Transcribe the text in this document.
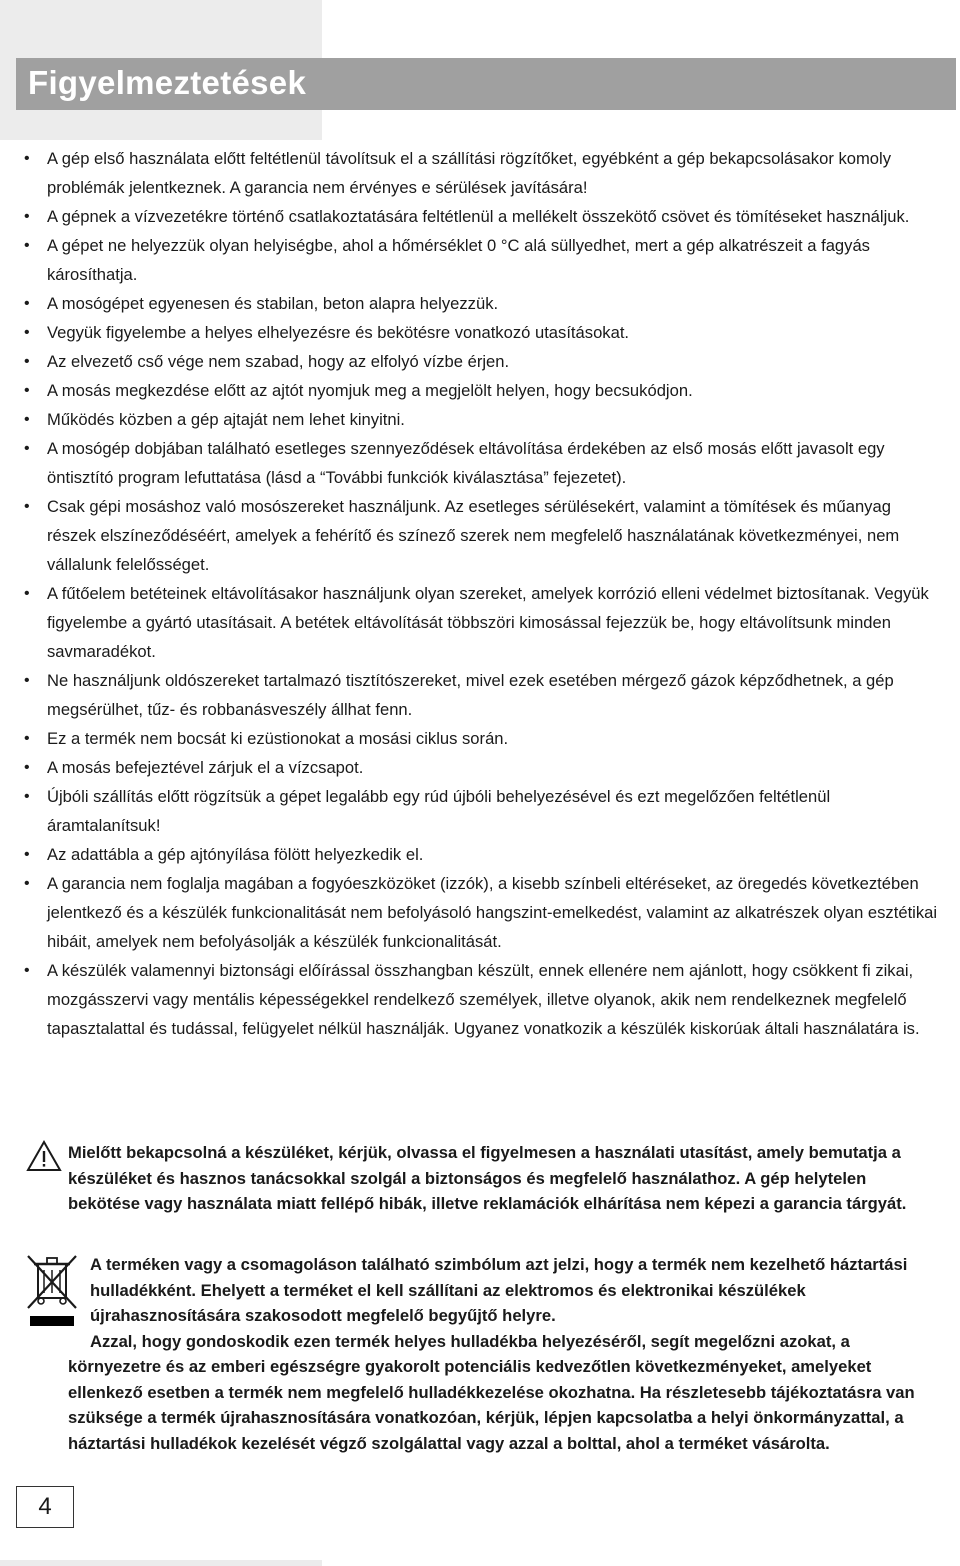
Figyelmeztetések
•	A gép első használata előtt feltétlenül távolítsuk el a szállítási rögzítőket, egyébként a gép bekapcsolásakor komoly problémák jelentkeznek. A garancia nem érvényes e sérülések javítására!
•	A gépnek a vízvezetékre történő csatlakoztatására feltétlenül a mellékelt összekötő csövet és tömítéseket használjuk.
•	A gépet ne helyezzük olyan helyiségbe, ahol a hőmérséklet 0 °C alá süllyedhet, mert a gép alkatrészeit a fagyás károsíthatja.
•	A mosógépet egyenesen és stabilan, beton alapra helyezzük.
•	Vegyük figyelembe a helyes elhelyezésre és bekötésre vonatkozó utasításokat.
•	Az elvezető cső vége nem szabad, hogy az elfolyó vízbe érjen.
•	A mosás megkezdése előtt az ajtót nyomjuk meg a megjelölt helyen, hogy becsukódjon.
•	Működés közben a gép ajtaját nem lehet kinyitni.
•	A mosógép dobjában található esetleges szennyeződések eltávolítása érdekében az első mosás előtt javasolt egy öntisztító program lefuttatása (lásd a “További funkciók kiválasztása” fejezetet).
•	Csak gépi mosáshoz való mosószereket használjunk. Az esetleges sérülésekért, valamint a tömítések és műanyag részek elszíneződéséért, amelyek a fehérítő és színező szerek nem megfelelő használatának következményei, nem vállalunk felelősséget.
•	A fűtőelem betéteinek eltávolításakor használjunk olyan szereket, amelyek korrózió elleni védelmet biztosítanak. Vegyük figyelembe a gyártó utasításait. A betétek eltávolítását többszöri kimosással fejezzük be, hogy eltávolítsunk minden savmaradékot.
•	Ne használjunk oldószereket tartalmazó tisztítószereket, mivel ezek esetében mérgező gázok képződhetnek, a gép megsérülhet, tűz- és robbanásveszély állhat fenn.
•	Ez a termék nem bocsát ki ezüstionokat a mosási ciklus során.
•	A mosás befejeztével zárjuk el a vízcsapot.
•	Újbóli szállítás előtt rögzítsük a gépet legalább egy rúd újbóli behelyezésével és ezt megelőzően feltétlenül áramtalanítsuk!
•	Az adattábla a gép ajtónyílása fölött helyezkedik el.
•	A garancia nem foglalja magában a fogyóeszközöket (izzók), a kisebb színbeli eltéréseket, az öregedés következtében jelentkező és a készülék funkcionalitását nem befolyásoló hangszint-emelkedést, valamint az alkatrészek olyan esztétikai hibáit, amelyek nem befolyásolják a készülék funkcionalitását.
•	A készülék valamennyi biztonsági előírással összhangban készült, ennek ellenére nem ajánlott, hogy csökkent fi zikai, mozgásszervi vagy mentális képességekkel rendelkező személyek, illetve olyanok, akik nem rendelkeznek megfelelő tapasztalattal és tudással, felügyelet nélkül használják. Ugyanez vonatkozik a készülék kiskorúak általi használatára is.
Mielőtt bekapcsolná a készüléket, kérjük, olvassa el figyelmesen a használati utasítást, amely bemutatja a készüléket és hasznos tanácsokkal szolgál a biztonságos és megfelelő használathoz. A gép helytelen bekötése vagy használata miatt fellépő hibák, illetve reklamációk elhárítása nem képezi a garancia tárgyát.

A terméken vagy a csomagoláson található szimbólum azt jelzi, hogy a termék nem kezelhető háztartási hulladékként. Ehelyett a terméket el kell szállítani az elektromos és elektronikai készülékek újrahasznosítására szakosodott megfelelő begyűjtő helyre.

Azzal, hogy gondoskodik ezen termék helyes hulladékba helyezéséről, segít megelőzni azokat, a környezetre és az emberi egészségre gyakorolt potenciális kedvezőtlen következményeket, amelyeket ellenkező esetben a termék nem megfelelő hulladékkezelése okozhatna. Ha részletesebb tájékoztatásra van szüksége a termék újrahasznosítására vonatkozóan, kérjük, lépjen kapcsolatba a helyi önkormányzattal, a háztartási hulladékok kezelését végző szolgálattal vagy azzal a bolttal, ahol a terméket vásárolta.

4
